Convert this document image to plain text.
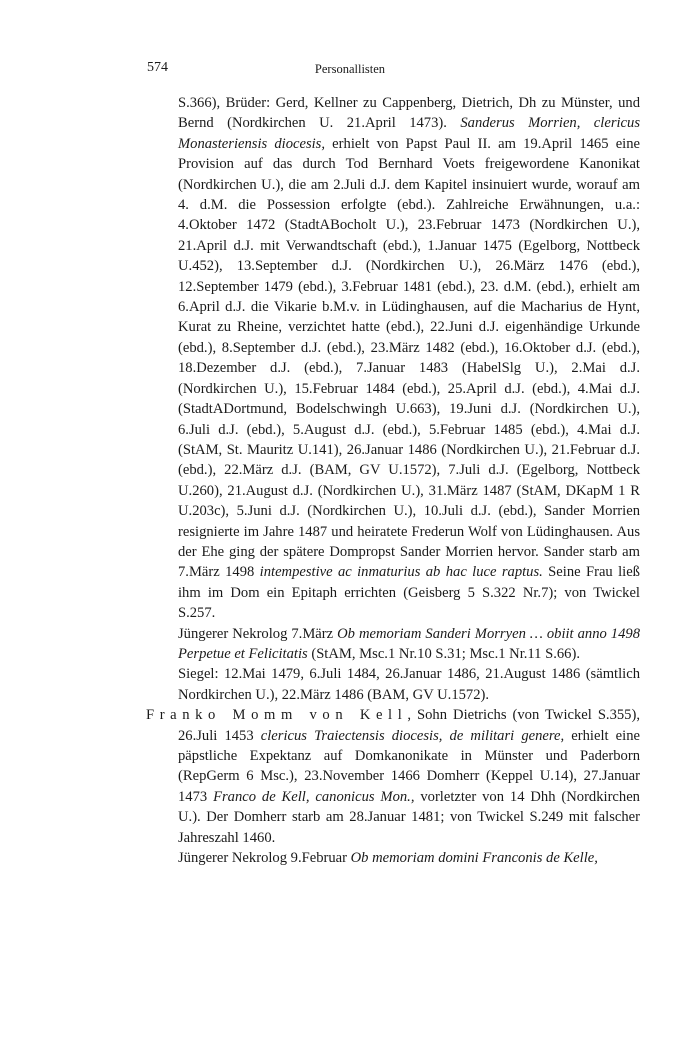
574	Personallisten

S.366), Brüder: Gerd, Kellner zu Cappenberg, Dietrich, Dh zu Münster, und Bernd (Nordkirchen U. 21.April 1473). Sanderus Morrien, clericus Monasteriensis diocesis, erhielt von Papst Paul II. am 19.April 1465 eine Provision auf das durch Tod Bernhard Voets freigewordene Kanonikat (Nordkirchen U.), die am 2.Juli d.J. dem Kapitel insinuiert wurde, worauf am 4. d.M. die Possession erfolgte (ebd.). Zahlreiche Erwähnungen, u.a.: 4.Oktober 1472 (StadtABocholt U.), 23.Februar 1473 (Nordkirchen U.), 21.April d.J. mit Verwandtschaft (ebd.), 1.Januar 1475 (Egelborg, Nottbeck U.452), 13.September d.J. (Nordkirchen U.), 26.März 1476 (ebd.), 12.September 1479 (ebd.), 3.Februar 1481 (ebd.), 23. d.M. (ebd.), erhielt am 6.April d.J. die Vikarie b.M.v. in Lüdinghausen, auf die Macharius de Hynt, Kurat zu Rheine, verzichtet hatte (ebd.), 22.Juni d.J. eigenhändige Urkunde (ebd.), 8.September d.J. (ebd.), 23.März 1482 (ebd.), 16.Oktober d.J. (ebd.), 18.Dezember d.J. (ebd.), 7.Januar 1483 (HabelSlg U.), 2.Mai d.J. (Nordkirchen U.), 15.Februar 1484 (ebd.), 25.April d.J. (ebd.), 4.Mai d.J. (StadtADortmund, Bodelschwingh U.663), 19.Juni d.J. (Nordkirchen U.), 6.Juli d.J. (ebd.), 5.August d.J. (ebd.), 5.Februar 1485 (ebd.), 4.Mai d.J. (StAM, St. Mauritz U.141), 26.Januar 1486 (Nordkirchen U.), 21.Februar d.J. (ebd.), 22.März d.J. (BAM, GV U.1572), 7.Juli d.J. (Egelborg, Nottbeck U.260), 21.August d.J. (Nordkirchen U.), 31.März 1487 (StAM, DKapM 1 R U.203c), 5.Juni d.J. (Nordkirchen U.), 10.Juli d.J. (ebd.), Sander Morrien resignierte im Jahre 1487 und heiratete Frederun Wolf von Lüdinghausen. Aus der Ehe ging der spätere Dompropst Sander Morrien hervor. Sander starb am 7.März 1498 intempestive ac inmaturius ab hac luce raptus. Seine Frau ließ ihm im Dom ein Epitaph errichten (Geisberg 5 S.322 Nr.7); von Twickel S.257.

Jüngerer Nekrolog 7.März Ob memoriam Sanderi Morryen … obiit anno 1498 Perpetue et Felicitatis (StAM, Msc.1 Nr.10 S.31; Msc.1 Nr.11 S.66).

Siegel: 12.Mai 1479, 6.Juli 1484, 26.Januar 1486, 21.August 1486 (sämtlich Nordkirchen U.), 22.März 1486 (BAM, GV U.1572).

Franko Momm von Kell, Sohn Dietrichs (von Twickel S.355), 26.Juli 1453 clericus Traiectensis diocesis, de militari genere, erhielt eine päpstliche Expektanz auf Domkanonikate in Münster und Paderborn (RepGerm 6 Msc.), 23.November 1466 Domherr (Keppel U.14), 27.Januar 1473 Franco de Kell, canonicus Mon., vorletzter von 14 Dhh (Nordkirchen U.). Der Domherr starb am 28.Januar 1481; von Twickel S.249 mit falscher Jahreszahl 1460.

Jüngerer Nekrolog 9.Februar Ob memoriam domini Franconis de Kelle,
